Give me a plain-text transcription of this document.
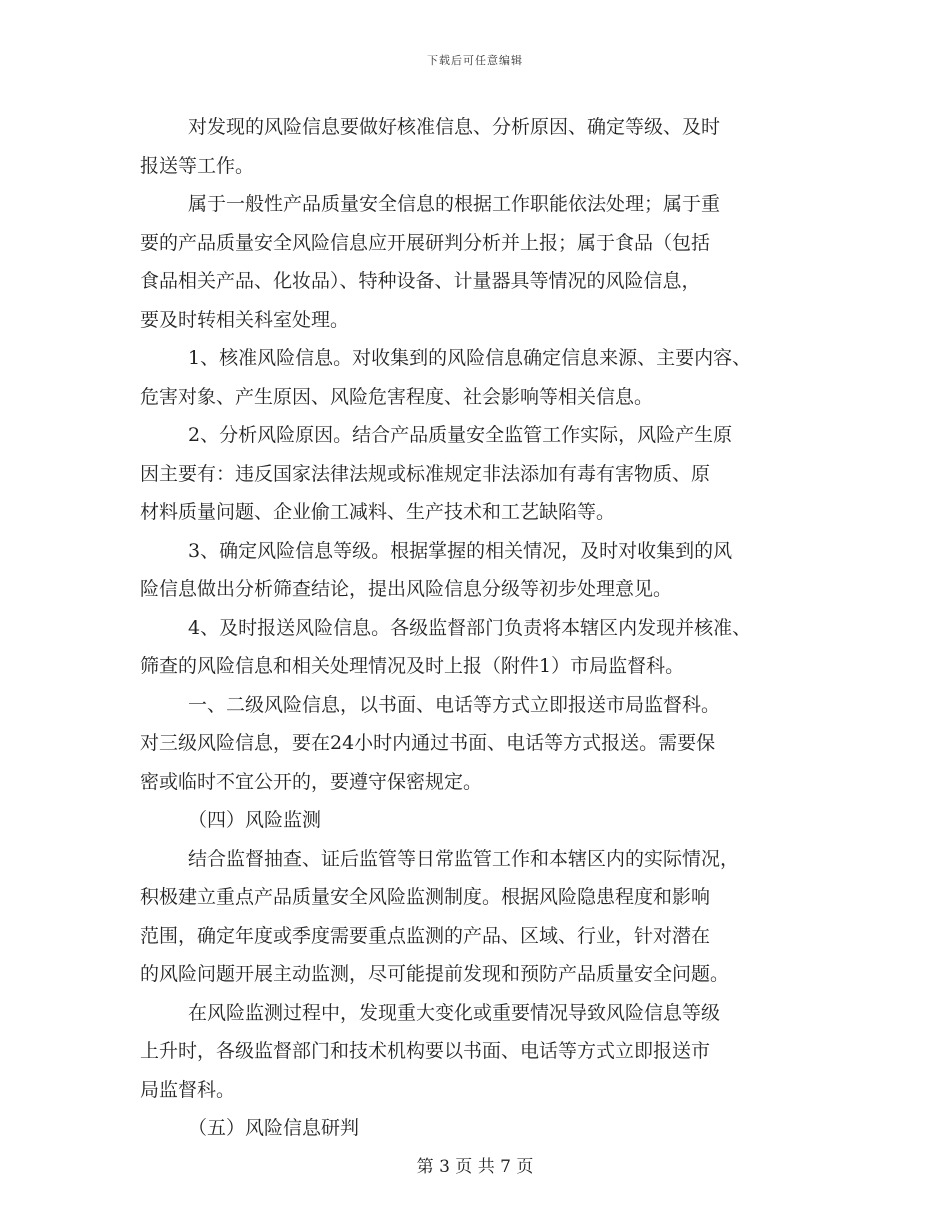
下载后可任意编辑

对发现的风险信息要做好核准信息、分析原因、确定等级、及时

报送等工作。

属于一般性产品质量安全信息的根据工作职能依法处理；属于重

要的产品质量安全风险信息应开展研判分析并上报；属于食品（包括

食品相关产品、化妆品）、特种设备、计量器具等情况的风险信息，

要及时转相关科室处理。

1、核准风险信息。对收集到的风险信息确定信息来源、主要内容、

危害对象、产生原因、风险危害程度、社会影响等相关信息。

2、分析风险原因。结合产品质量安全监管工作实际，风险产生原

因主要有：违反国家法律法规或标准规定非法添加有毒有害物质、原

材料质量问题、企业偷工减料、生产技术和工艺缺陷等。

3、确定风险信息等级。根据掌握的相关情况，及时对收集到的风

险信息做出分析筛查结论，提出风险信息分级等初步处理意见。

4、及时报送风险信息。各级监督部门负责将本辖区内发现并核准、

筛查的风险信息和相关处理情况及时上报（附件1）市局监督科。

一、二级风险信息，以书面、电话等方式立即报送市局监督科。

对三级风险信息，要在24小时内通过书面、电话等方式报送。需要保

密或临时不宜公开的，要遵守保密规定。

（四）风险监测

结合监督抽查、证后监管等日常监管工作和本辖区内的实际情况，

积极建立重点产品质量安全风险监测制度。根据风险隐患程度和影响

范围，确定年度或季度需要重点监测的产品、区域、行业，针对潜在

的风险问题开展主动监测，尽可能提前发现和预防产品质量安全问题。

在风险监测过程中，发现重大变化或重要情况导致风险信息等级

上升时，各级监督部门和技术机构要以书面、电话等方式立即报送市

局监督科。

（五）风险信息研判

第 3 页 共 7 页
